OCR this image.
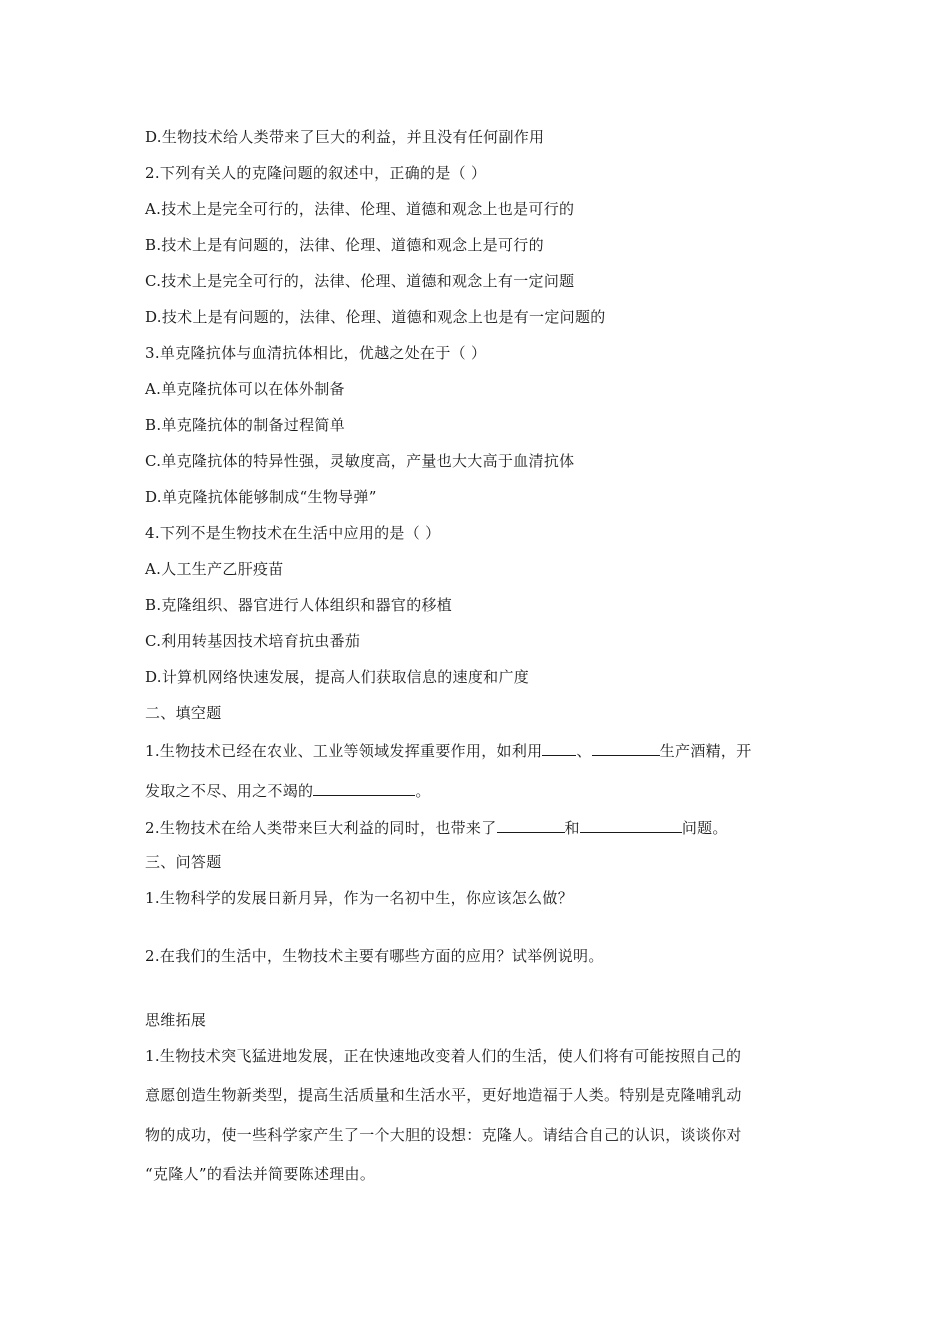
D.生物技术给人类带来了巨大的利益，并且没有任何副作用
2.下列有关人的克隆问题的叙述中，正确的是（ ）
A.技术上是完全可行的，法律、伦理、道德和观念上也是可行的
B.技术上是有问题的，法律、伦理、道德和观念上是可行的
C.技术上是完全可行的，法律、伦理、道德和观念上有一定问题
D.技术上是有问题的，法律、伦理、道德和观念上也是有一定问题的
3.单克隆抗体与血清抗体相比，优越之处在于（ ）
A.单克隆抗体可以在体外制备
B.单克隆抗体的制备过程简单
C.单克隆抗体的特异性强，灵敏度高，产量也大大高于血清抗体
D.单克隆抗体能够制成“生物导弹”
4.下列不是生物技术在生活中应用的是（ ）
A.人工生产乙肝疫苗
B.克隆组织、器官进行人体组织和器官的移植
C.利用转基因技术培育抗虫番茄
D.计算机网络快速发展，提高人们获取信息的速度和广度
二、填空题
1.生物技术已经在农业、工业等领域发挥重要作用，如利用 、	生产酒精，开
发取之不尽、用之不竭的	。
2.生物技术在给人类带来巨大利益的同时，也带来了	和	问题。
三、问答题
1.生物科学的发展日新月异，作为一名初中生，你应该怎么做？
2.在我们的生活中，生物技术主要有哪些方面的应用？试举例说明。
思维拓展
1.生物技术突飞猛进地发展，正在快速地改变着人们的生活，使人们将有可能按照自己的
意愿创造生物新类型，提高生活质量和生活水平，更好地造福于人类。特别是克隆哺乳动
物的成功，使一些科学家产生了一个大胆的设想：克隆人。请结合自己的认识，谈谈你对
“克隆人”的看法并简要陈述理由。
